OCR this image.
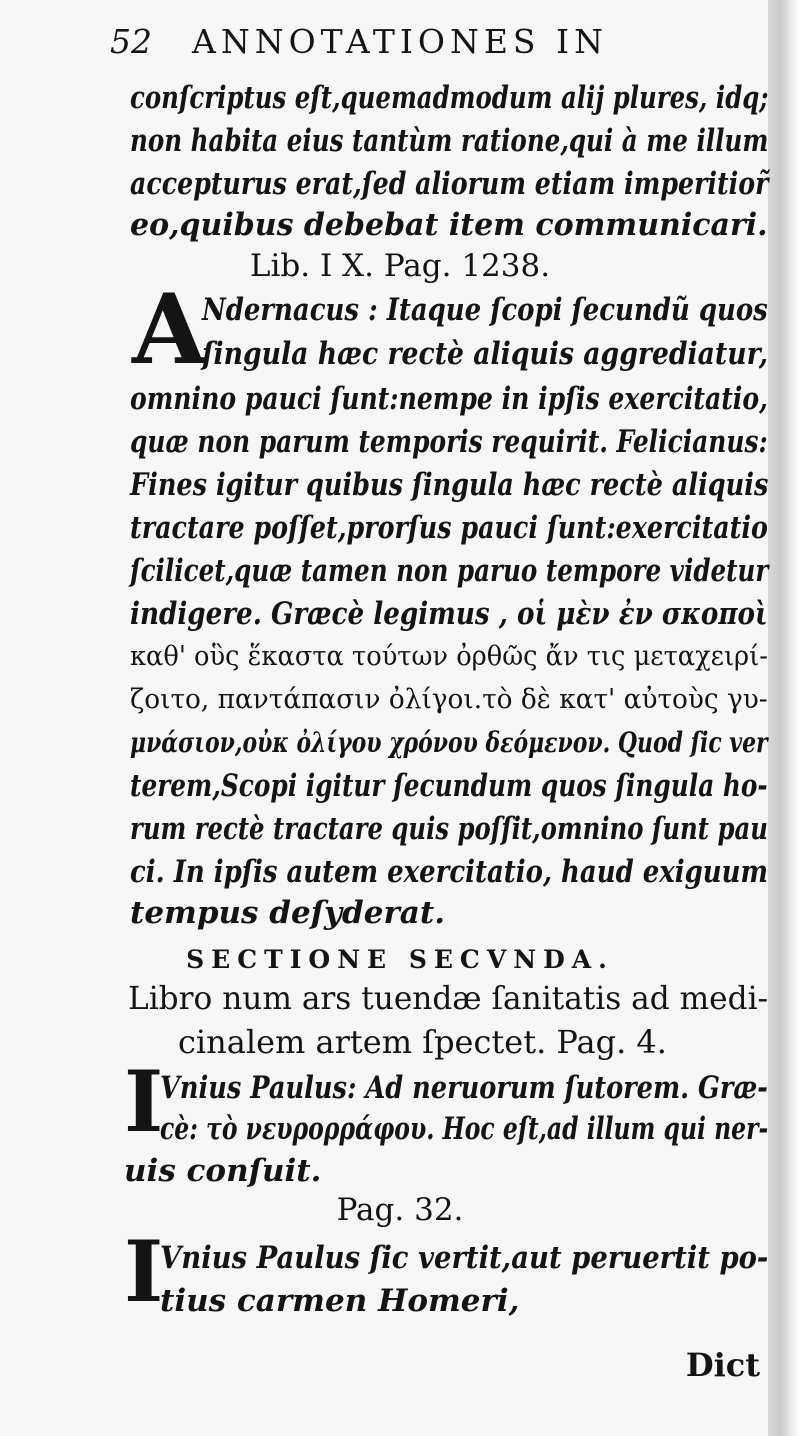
52 ANNOTATIONES IN
conſcriptus eſt,quemadmodum alij plures, idq;
non habita eius tantùm ratione,qui à me illum
accepturus erat,ſed aliorum etiam imperitior̃
eo,quibus debebat item communicari.
Lib. I X. Pag. 1238.
A
Ndernacus : Itaque ſcopi ſecundũ quos
ſingula hæc rectè aliquis aggrediatur,
omnino pauci ſunt:nempe in ipſis exercitatio,
quæ non parum temporis requirit. Felicianus:
Fines igitur quibus ſingula hæc rectè aliquis
tractare poſſet,prorſus pauci ſunt:exercitatio
ſcilicet,quæ tamen non paruo tempore videtur
indigere. Græcè legimus , οἱ μὲν ἐν σκοποὶ
καθ' οὓς ἕκαστα τούτων ὀρθῶς ἄν τις μεταχειρί-
ζοιτο, παντάπασιν ὀλίγοι.τὸ δὲ κατ' αὐτοὺς γυ-
μνάσιον,οὐκ ὀλίγου χρόνου δεόμενον. Quod ſic ver
terem,Scopi igitur ſecundum quos ſingula ho-
rum rectè tractare quis poſſit,omnino ſunt pau
ci. In ipſis autem exercitatio, haud exiguum
tempus deſyderat.
SECTIONE SECVNDA.
Libro num ars tuendæ ſanitatis ad medi-
cinalem artem ſpectet. Pag. 4.
I
Vnius Paulus: Ad neruorum ſutorem. Græ-
cè: τὸ νευρορράφου. Hoc eſt,ad illum qui ner-
uis conſuit.
Pag. 32.
I
Vnius Paulus ſic vertit,aut peruertit po-
tius carmen Homeri,
Dict
